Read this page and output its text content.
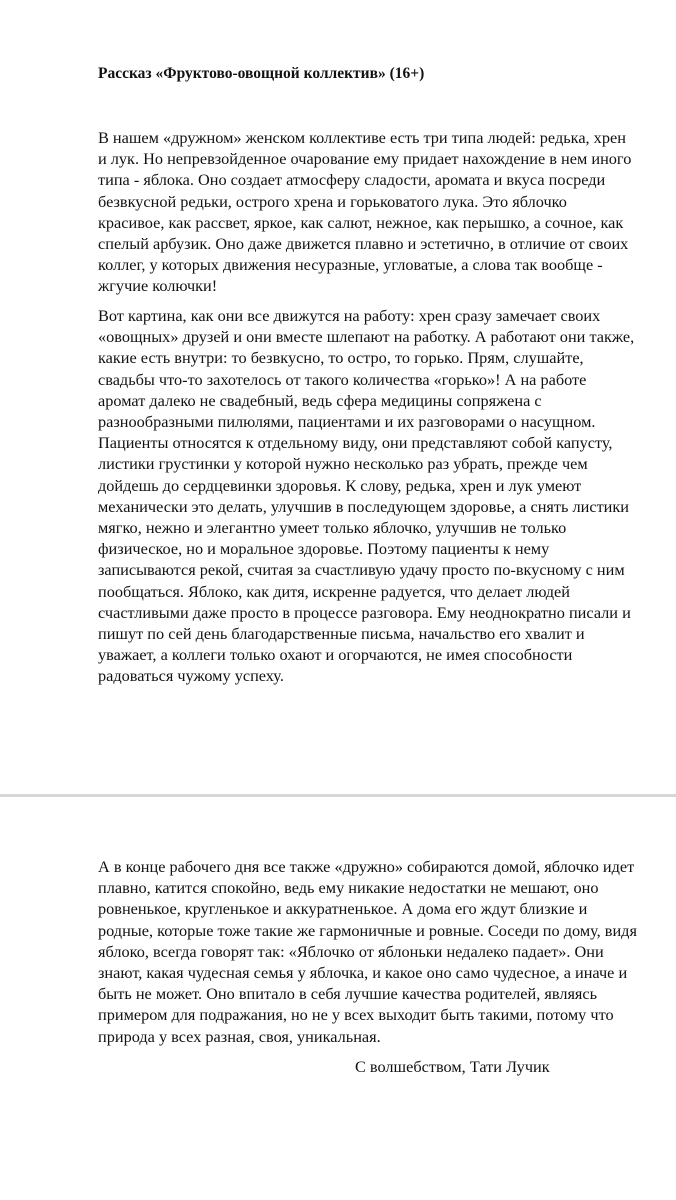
Рассказ «Фруктово-овощной коллектив» (16+)
В нашем «дружном» женском коллективе есть три типа людей: редька, хрен
и лук. Но непревзойденное очарование ему придает нахождение в нем иного
типа - яблока. Оно создает атмосферу сладости, аромата и вкуса посреди
безвкусной редьки, острого хрена и горьковатого лука. Это яблочко
красивое, как рассвет, яркое, как салют, нежное, как перышко, а сочное, как
спелый арбузик. Оно даже движется плавно и эстетично, в отличие от своих
коллег, у которых движения несуразные, угловатые, а слова так вообще -
жгучие колючки!
Вот картина, как они все движутся на работу: хрен сразу замечает своих
«овощных» друзей и они вместе шлепают на работку. А работают они также,
какие есть внутри: то безвкусно, то остро, то горько. Прям, слушайте,
свадьбы что-то захотелось от такого количества «горько»! А на работе
аромат далеко не свадебный, ведь сфера медицины сопряжена с
разнообразными пилюлями, пациентами и их разговорами о насущном.
Пациенты относятся к отдельному виду, они представляют собой капусту,
листики грустинки у которой нужно несколько раз убрать, прежде чем
дойдешь до сердцевинки здоровья. К слову, редька, хрен и лук умеют
механически это делать, улучшив в последующем здоровье, а снять листики
мягко, нежно и элегантно умеет только яблочко, улучшив не только
физическое, но и моральное здоровье. Поэтому пациенты к нему
записываются рекой, считая за счастливую удачу просто по-вкусному с ним
пообщаться. Яблоко, как дитя, искренне радуется, что делает людей
счастливыми даже просто в процессе разговора. Ему неоднократно писали и
пишут по сей день благодарственные письма, начальство его хвалит и
уважает, а коллеги только охают и огорчаются, не имея способности
радоваться чужому успеху.
А в конце рабочего дня все также «дружно» собираются домой, яблочко идет
плавно, катится спокойно, ведь ему никакие недостатки не мешают, оно
ровненькое, кругленькое и аккуратненькое. А дома его ждут близкие и
родные, которые тоже такие же гармоничные и ровные. Соседи по дому, видя
яблоко, всегда говорят так: «Яблочко от яблоньки недалеко падает». Они
знают, какая чудесная семья у яблочка, и какое оно само чудесное, а иначе и
быть не может. Оно впитало в себя лучшие качества родителей, являясь
примером для подражания, но не у всех выходит быть такими, потому что
природа у всех разная, своя, уникальная.
С волшебством, Тати Лучик
